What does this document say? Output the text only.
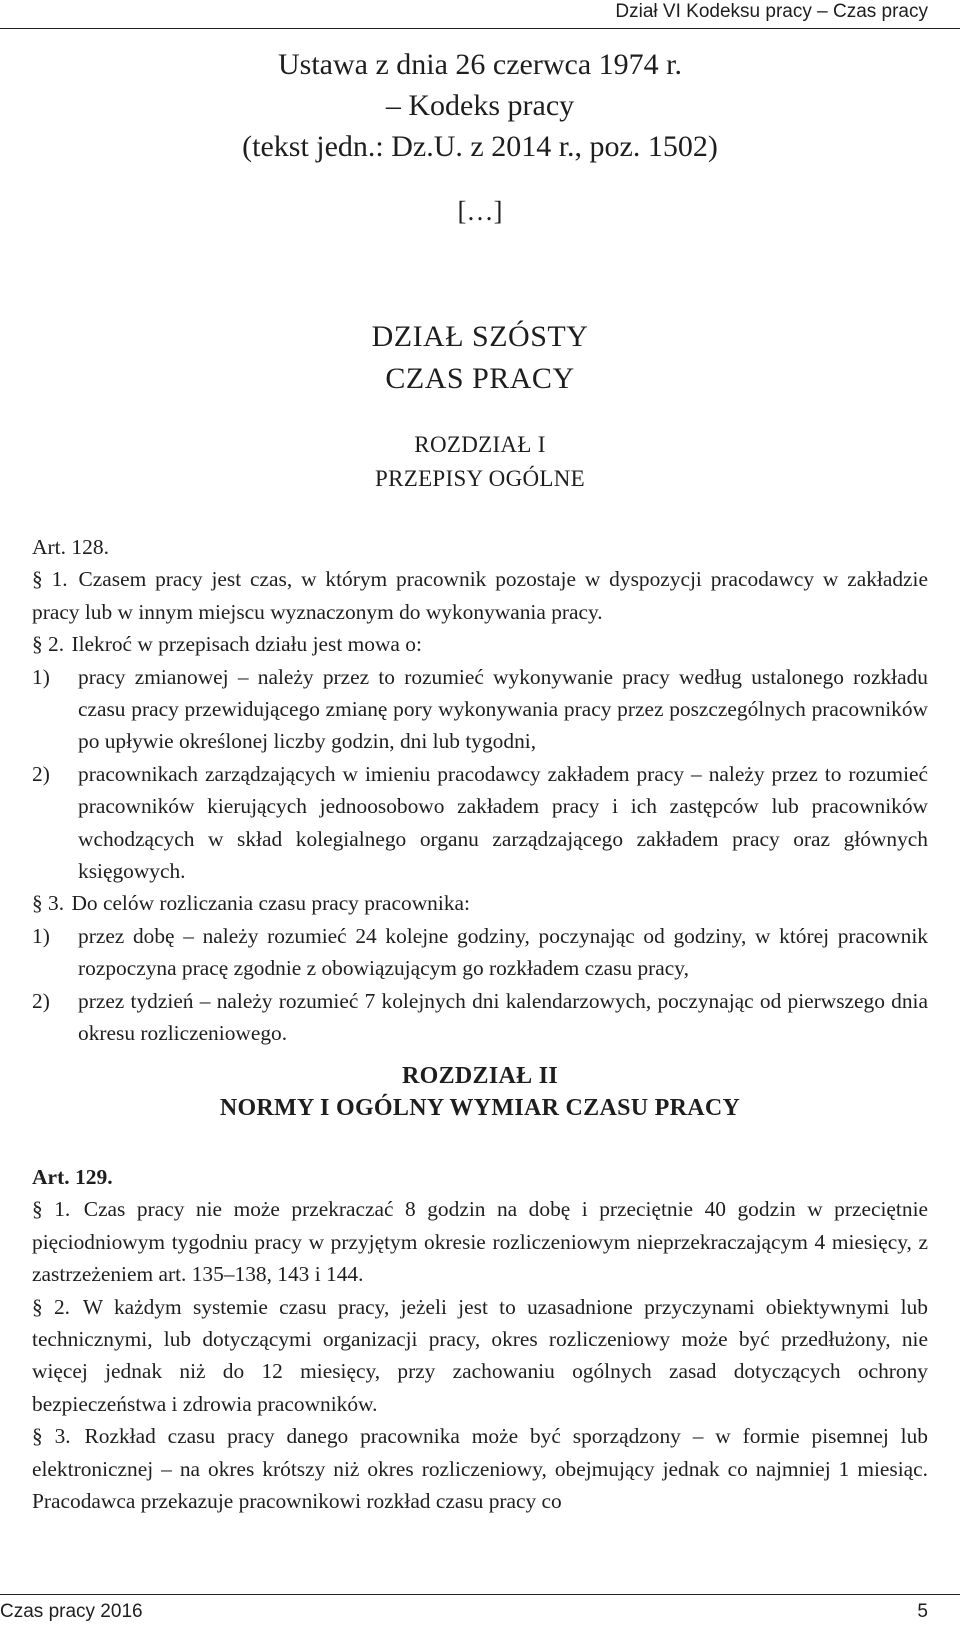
Dział VI Kodeksu pracy – Czas pracy
Ustawa z dnia 26 czerwca 1974 r.
– Kodeks pracy
(tekst jedn.: Dz.U. z 2014 r., poz. 1502)
[…]
DZIAŁ SZÓSTY
CZAS PRACY
ROZDZIAŁ I
PRZEPISY OGÓLNE
Art. 128.

§ 1. Czasem pracy jest czas, w którym pracownik pozostaje w dyspozycji pracodawcy w zakładzie pracy lub w innym miejscu wyznaczonym do wykonywania pracy.

§ 2. Ilekroć w przepisach działu jest mowa o:

1)	pracy zmianowej – należy przez to rozumieć wykonywanie pracy według ustalonego rozkładu czasu pracy przewidującego zmianę pory wykonywania pracy przez poszczególnych pracowników po upływie określonej liczby godzin, dni lub tygodni,
2)	pracownikach zarządzających w imieniu pracodawcy zakładem pracy – należy przez to rozumieć pracowników kierujących jednoosobowo zakładem pracy i ich zastępców lub pracowników wchodzących w skład kolegialnego organu zarządzającego zakładem pracy oraz głównych księgowych.

§ 3. Do celów rozliczania czasu pracy pracownika:

1)	przez dobę – należy rozumieć 24 kolejne godziny, poczynając od godziny, w której pracownik rozpoczyna pracę zgodnie z obowiązującym go rozkładem czasu pracy,
2)	przez tydzień – należy rozumieć 7 kolejnych dni kalendarzowych, poczynając od pierwszego dnia okresu rozliczeniowego.
ROZDZIAŁ II
NORMY I OGÓLNY WYMIAR CZASU PRACY
Art. 129.

§ 1. Czas pracy nie może przekraczać 8 godzin na dobę i przeciętnie 40 godzin w przeciętnie pięciodniowym tygodniu pracy w przyjętym okresie rozliczeniowym nieprzekraczającym 4 miesięcy, z zastrzeżeniem art. 135–138, 143 i 144.

§ 2. W każdym systemie czasu pracy, jeżeli jest to uzasadnione przyczynami obiektywnymi lub technicznymi, lub dotyczącymi organizacji pracy, okres rozliczeniowy może być przedłużony, nie więcej jednak niż do 12 miesięcy, przy zachowaniu ogólnych zasad dotyczących ochrony bezpieczeństwa i zdrowia pracowników.

§ 3. Rozkład czasu pracy danego pracownika może być sporządzony – w formie pisemnej lub elektronicznej – na okres krótszy niż okres rozliczeniowy, obejmujący jednak co najmniej 1 miesiąc. Pracodawca przekazuje pracownikowi rozkład czasu pracy co

Czas pracy 2016	5
